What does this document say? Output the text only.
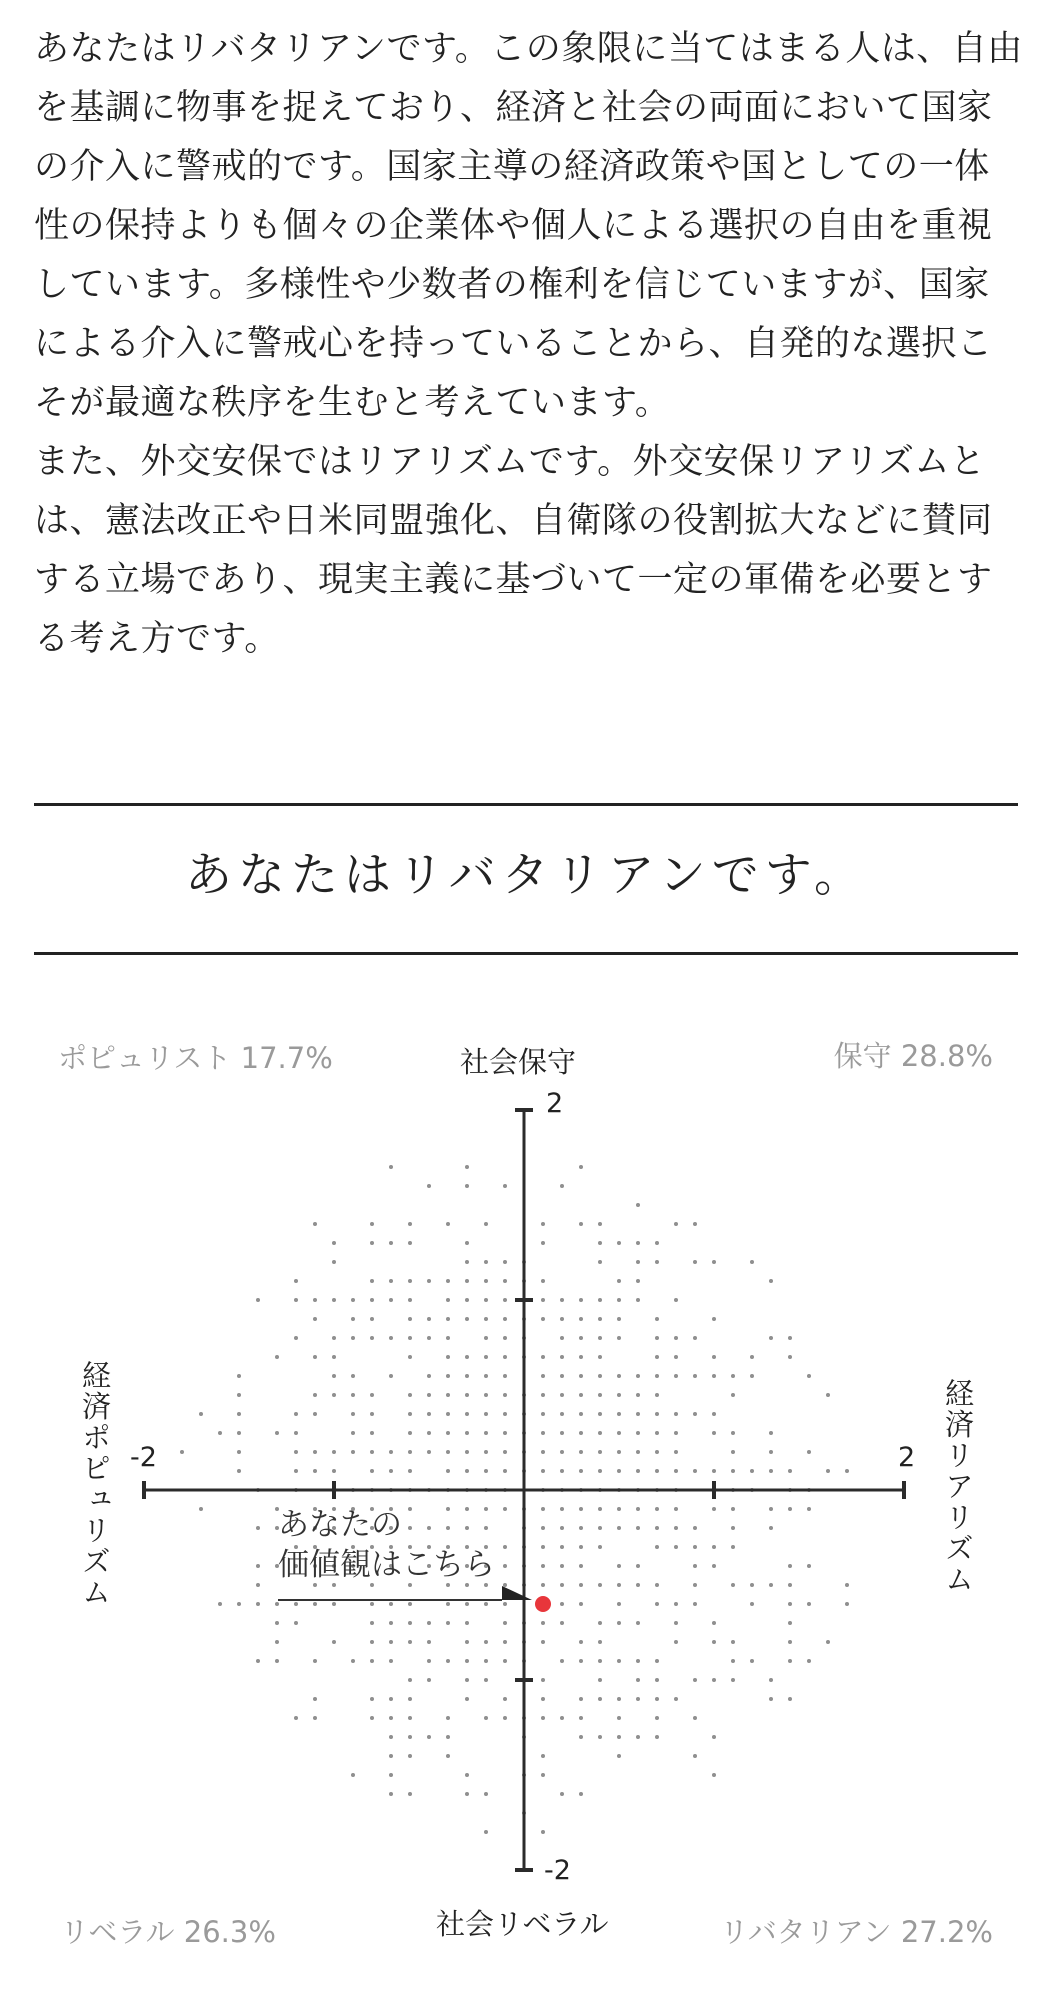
あなたはリバタリアンです。この象限に当てはまる人は、自由を基調に物事を捉えており、経済と社会の両面において国家の介入に警戒的です。国家主導の経済政策や国としての一体性の保持よりも個々の企業体や個人による選択の自由を重視しています。多様性や少数者の権利を信じていますが、国家による介入に警戒心を持っていることから、自発的な選択こそが最適な秩序を生むと考えています。

また、外交安保ではリアリズムです。外交安保リアリズムとは、憲法改正や日米同盟強化、自衛隊の役割拡大などに賛同する立場であり、現実主義に基づいて一定の軍備を必要とする考え方です。

あなたはリバタリアンです。
ポピュリスト 17.7%	保守 28.8%
リベラル 26.3%	リバタリアン 27.2%
社会保守
社会リベラル
経済ポピュリズム	経済リアリズム
2
-2
-2	2
あなたの
価値観はこちら
